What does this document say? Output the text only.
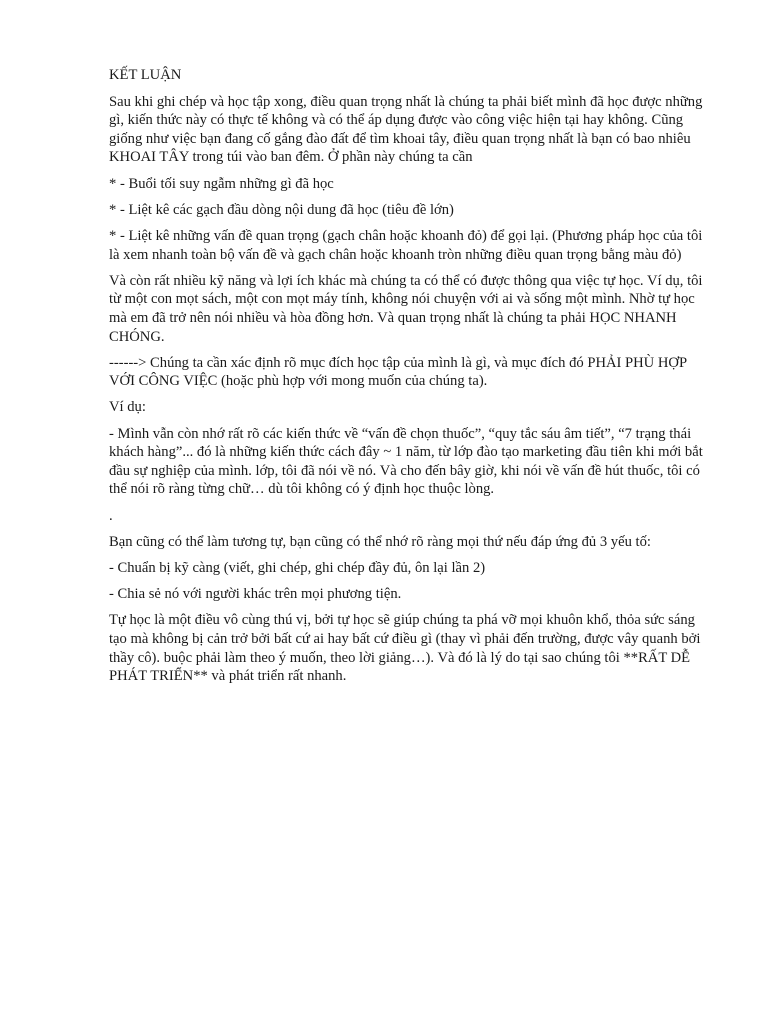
KẾT LUẬN

Sau khi ghi chép và học tập xong, điều quan trọng nhất là chúng ta phải biết mình đã học được những gì, kiến thức này có thực tế không và có thể áp dụng được vào công việc hiện tại hay không. Cũng giống như việc bạn đang cố gắng đào đất để tìm khoai tây, điều quan trọng nhất là bạn có bao nhiêu KHOAI TÂY trong túi vào ban đêm. Ở phần này chúng ta cần

* - Buổi tối suy ngẫm những gì đã học

* - Liệt kê các gạch đầu dòng nội dung đã học (tiêu đề lớn)

* - Liệt kê những vấn đề quan trọng (gạch chân hoặc khoanh đỏ) để gọi lại. (Phương pháp học của tôi là xem nhanh toàn bộ vấn đề và gạch chân hoặc khoanh tròn những điều quan trọng bằng màu đỏ)

Và còn rất nhiều kỹ năng và lợi ích khác mà chúng ta có thể có được thông qua việc tự học. Ví dụ, tôi từ một con mọt sách, một con mọt máy tính, không nói chuyện với ai và sống một mình. Nhờ tự học mà em đã trở nên nói nhiều và hòa đồng hơn. Và quan trọng nhất là chúng ta phải HỌC NHANH CHÓNG.

------> Chúng ta cần xác định rõ mục đích học tập của mình là gì, và mục đích đó PHẢI PHÙ HỢP VỚI CÔNG VIỆC (hoặc phù hợp với mong muốn của chúng ta).

Ví dụ:

- Mình vẫn còn nhớ rất rõ các kiến thức về “vấn đề chọn thuốc”, “quy tắc sáu âm tiết”, “7 trạng thái khách hàng”... đó là những kiến thức cách đây ~ 1 năm, từ lớp đào tạo marketing đầu tiên khi mới bắt đầu sự nghiệp của mình. lớp, tôi đã nói về nó. Và cho đến bây giờ, khi nói về vấn đề hút thuốc, tôi có thể nói rõ ràng từng chữ… dù tôi không có ý định học thuộc lòng.

.

Bạn cũng có thể làm tương tự, bạn cũng có thể nhớ rõ ràng mọi thứ nếu đáp ứng đủ 3 yếu tố:

- Chuẩn bị kỹ càng (viết, ghi chép, ghi chép đầy đủ, ôn lại lần 2)

- Chia sẻ nó với người khác trên mọi phương tiện.

Tự học là một điều vô cùng thú vị, bởi tự học sẽ giúp chúng ta phá vỡ mọi khuôn khổ, thỏa sức sáng tạo mà không bị cản trở bởi bất cứ ai hay bất cứ điều gì (thay vì phải đến trường, được vây quanh bởi thầy cô). buộc phải làm theo ý muốn, theo lời giảng…). Và đó là lý do tại sao chúng tôi **RẤT DỄ PHÁT TRIỂN** và phát triển rất nhanh.
